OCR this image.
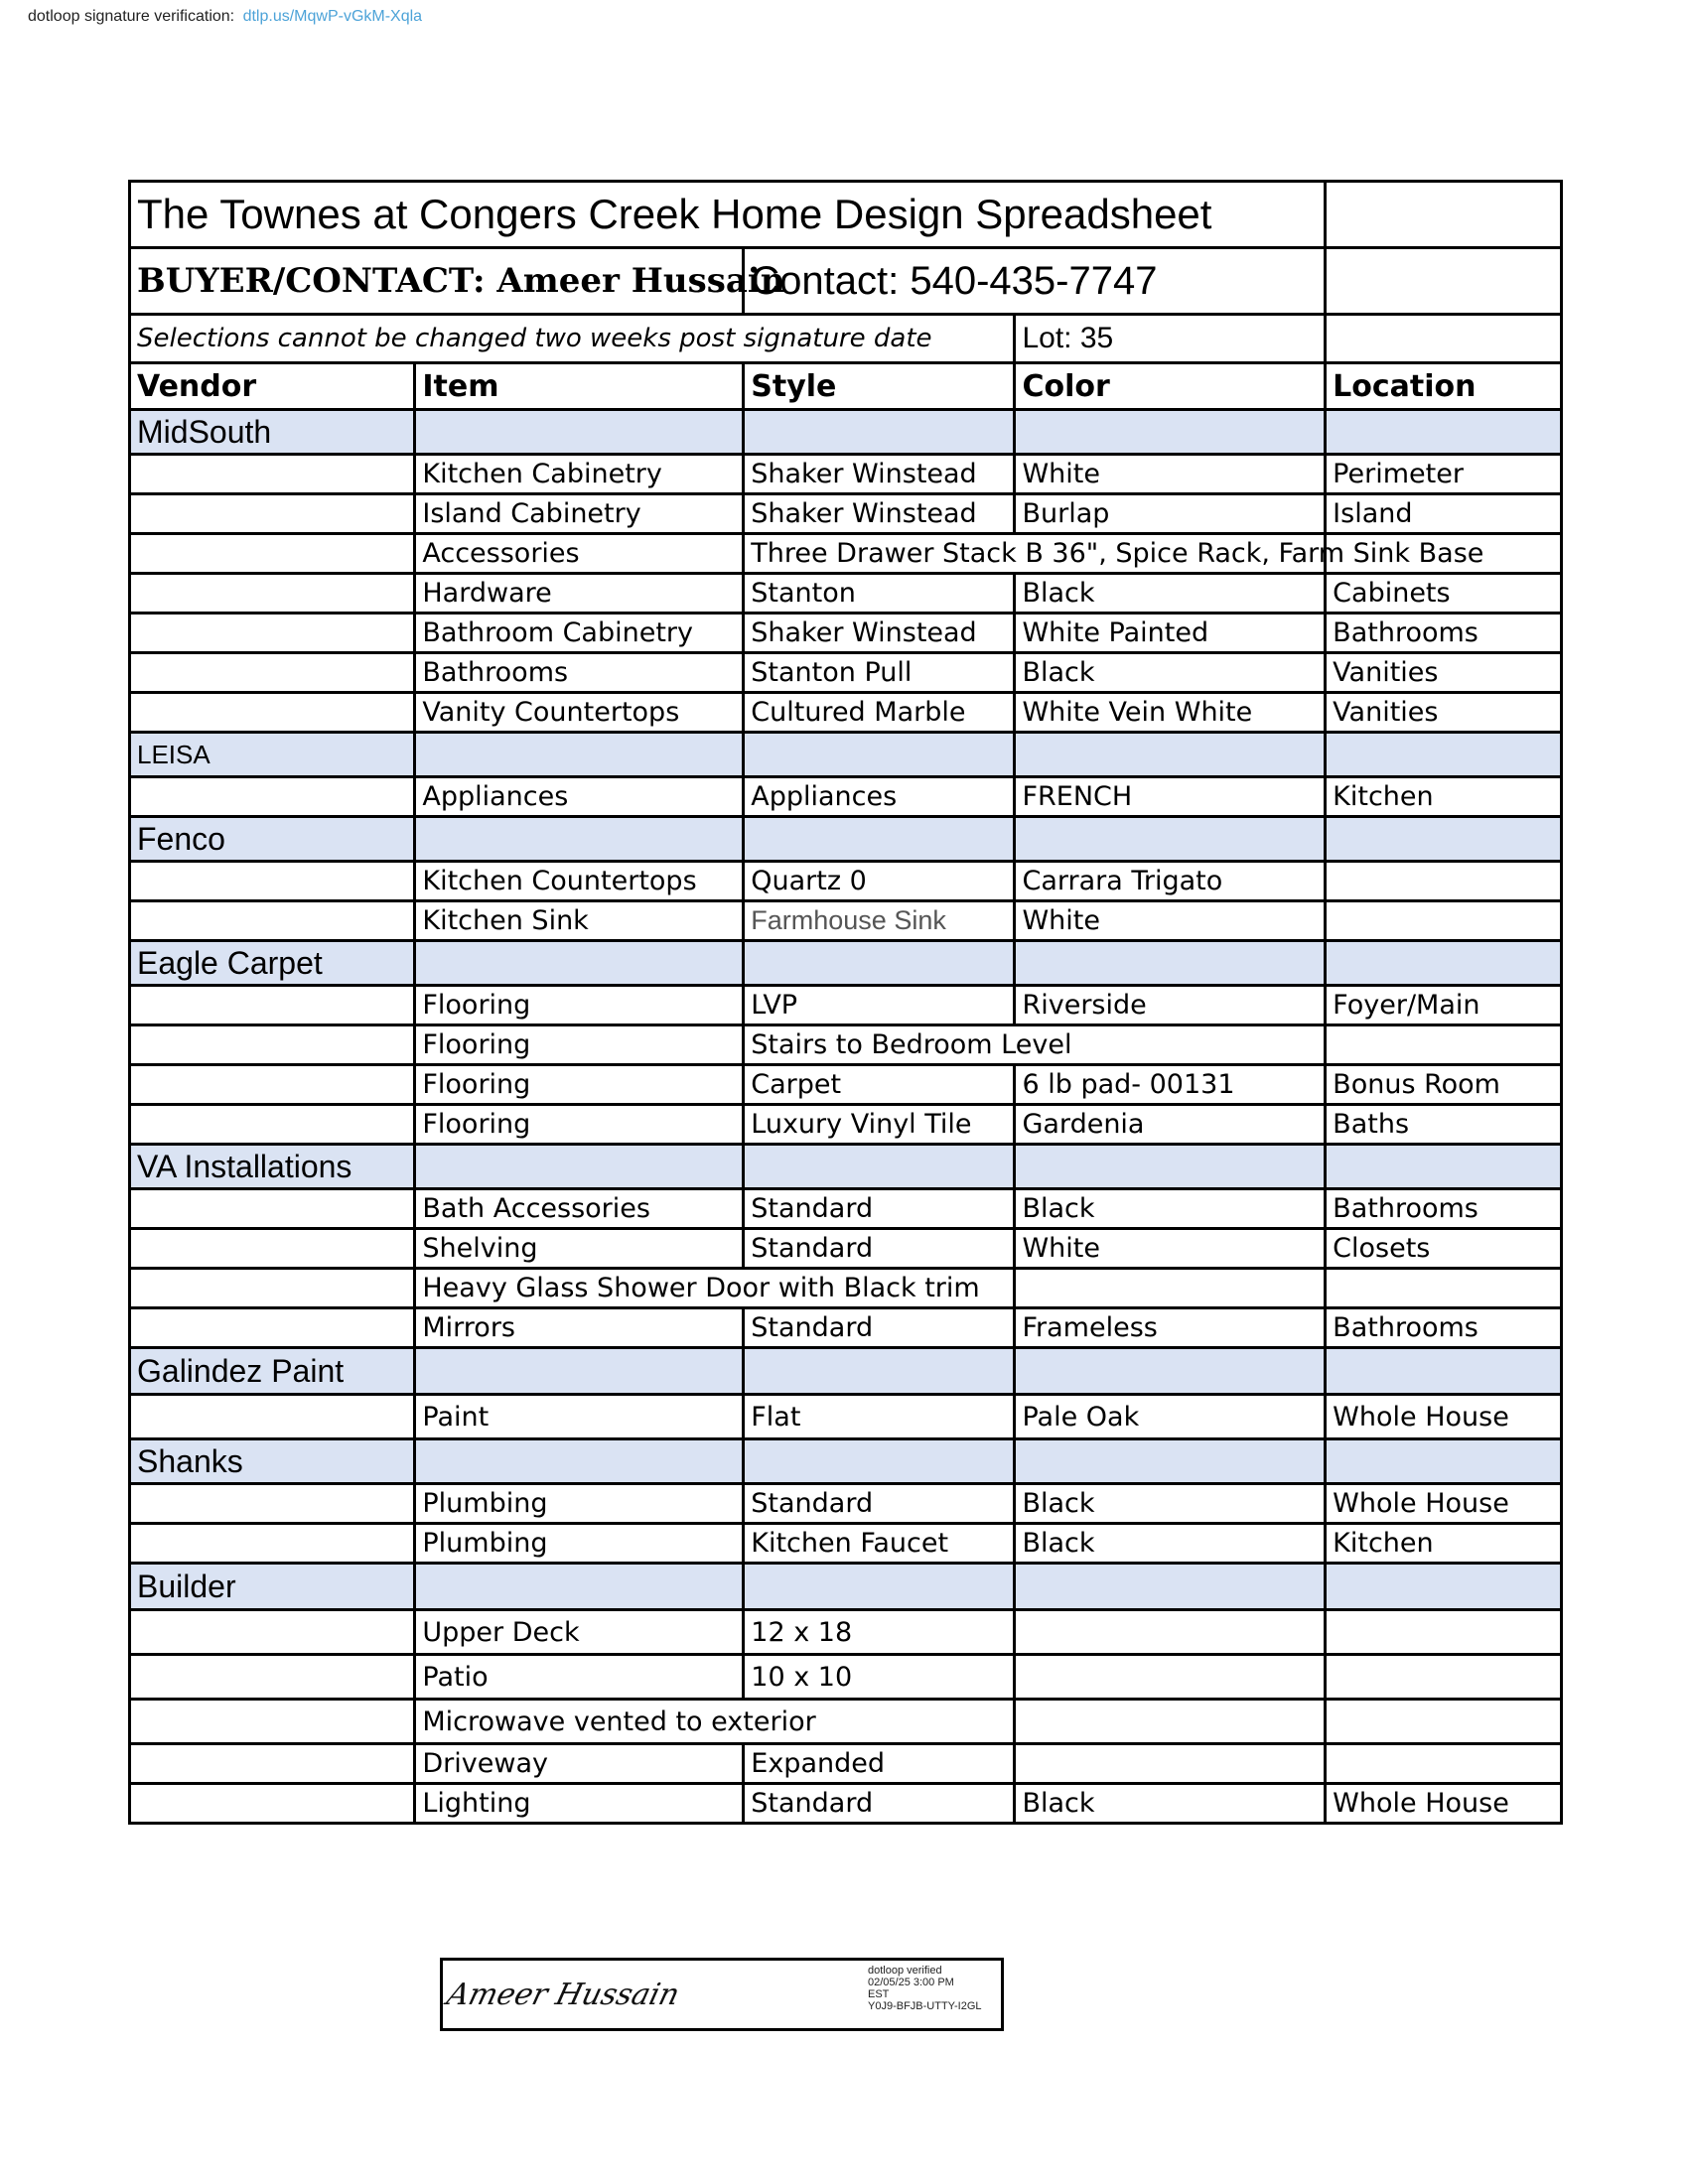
dotloop signature verification: dtlp.us/MqwP-vGkM-Xqla
The Townes at Congers Creek Home Design Spreadsheet				
BUYER/CONTACT: Ameer Hussain		Contact: 540-435-7747		
Selections cannot be changed two weeks post signature date			Lot: 35	
Vendor	Item	Style	Color	Location
MidSouth				
	Kitchen Cabinetry	Shaker Winstead	White	Perimeter
	Island Cabinetry	Shaker Winstead	Burlap	Island
	Accessories	Three Drawer Stack B 36", Spice Rack, Farm Sink Base		
	Hardware	Stanton	Black	Cabinets
	Bathroom Cabinetry	Shaker Winstead	White Painted	Bathrooms
	Bathrooms	Stanton Pull	Black	Vanities
	Vanity Countertops	Cultured Marble	White Vein White	Vanities
LEISA				
	Appliances	Appliances	FRENCH	Kitchen
Fenco				
	Kitchen Countertops	Quartz 0	Carrara Trigato	
	Kitchen Sink	Farmhouse Sink	White	
Eagle Carpet				
	Flooring	LVP	Riverside	Foyer/Main
	Flooring	Stairs to Bedroom Level		
	Flooring	Carpet	6 lb pad- 00131	Bonus Room
	Flooring	Luxury Vinyl Tile	Gardenia	Baths
VA Installations				
	Bath Accessories	Standard	Black	Bathrooms
	Shelving	Standard	White	Closets
	Heavy Glass Shower Door with Black trim			
	Mirrors	Standard	Frameless	Bathrooms
Galindez Paint				
	Paint	Flat	Pale Oak	Whole House
Shanks				
	Plumbing	Standard	Black	Whole House
	Plumbing	Kitchen Faucet	Black	Kitchen
Builder				
	Upper Deck	12 x 18		
	Patio	10 x 10		
	Microwave vented to exterior			
	Driveway	Expanded		
	Lighting	Standard	Black	Whole House
Ameer Hussain
dotloop verified
02/05/25 3:00 PM
EST
Y0J9-BFJB-UTTY-I2GL
